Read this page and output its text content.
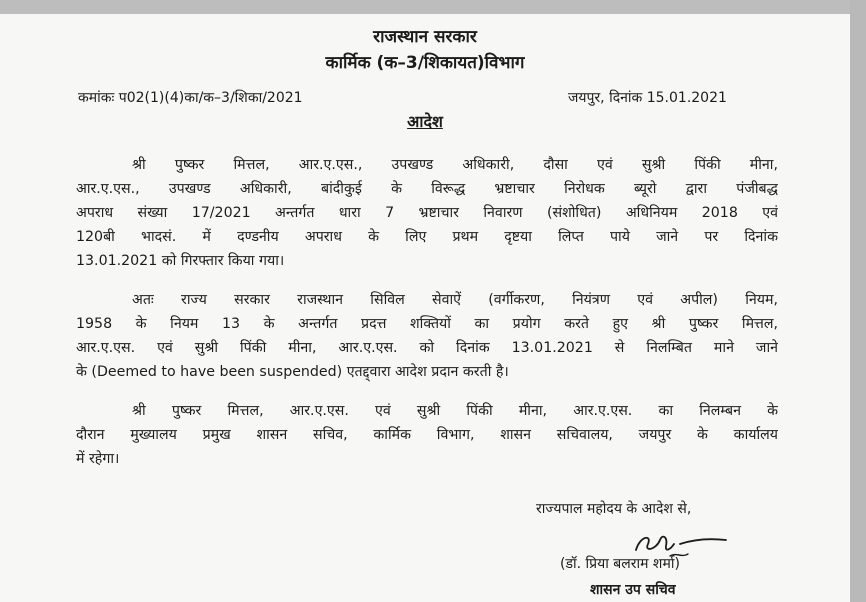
राजस्थान सरकार
कार्मिक (क–3/शिकायत)विभाग
कमांकः प02(1)(4)का/क–3/शिका/2021	जयपुर, दिनांक 15.01.2021
आदेश
श्री पुष्कर मित्तल, आर.ए.एस., उपखण्ड अधिकारी, दौसा एवं सुश्री पिंकी मीना,
आर.ए.एस., उपखण्ड अधिकारी, बांदीकुई के विरूद्ध भ्रष्टाचार निरोधक ब्यूरो द्वारा पंजीबद्ध
अपराध संख्या 17/2021 अन्तर्गत धारा 7 भ्रष्टाचार निवारण (संशोधित) अधिनियम 2018 एवं
120बी भादसं. में दण्डनीय अपराध के लिए प्रथम दृष्टया लिप्त पाये जाने पर दिनांक
13.01.2021 को गिरफ्तार किया गया।
अतः राज्य सरकार राजस्थान सिविल सेवाऐं (वर्गीकरण, नियंत्रण एवं अपील) नियम,
1958 के नियम 13 के अन्तर्गत प्रदत्त शक्तियों का प्रयोग करते हुए श्री पुष्कर मित्तल,
आर.ए.एस. एवं सुश्री पिंकी मीना, आर.ए.एस. को दिनांक 13.01.2021 से निलम्बित माने जाने
के (Deemed to have been suspended) एतद्द्वारा आदेश प्रदान करती है।
श्री पुष्कर मित्तल, आर.ए.एस. एवं सुश्री पिंकी मीना, आर.ए.एस. का निलम्बन के
दौरान मुख्यालय प्रमुख शासन सचिव, कार्मिक विभाग, शासन सचिवालय, जयपुर के कार्यालय
में रहेगा।
राज्यपाल महोदय के आदेश से,
(डॉ. प्रिया बलराम शर्मा)
शासन उप सचिव
